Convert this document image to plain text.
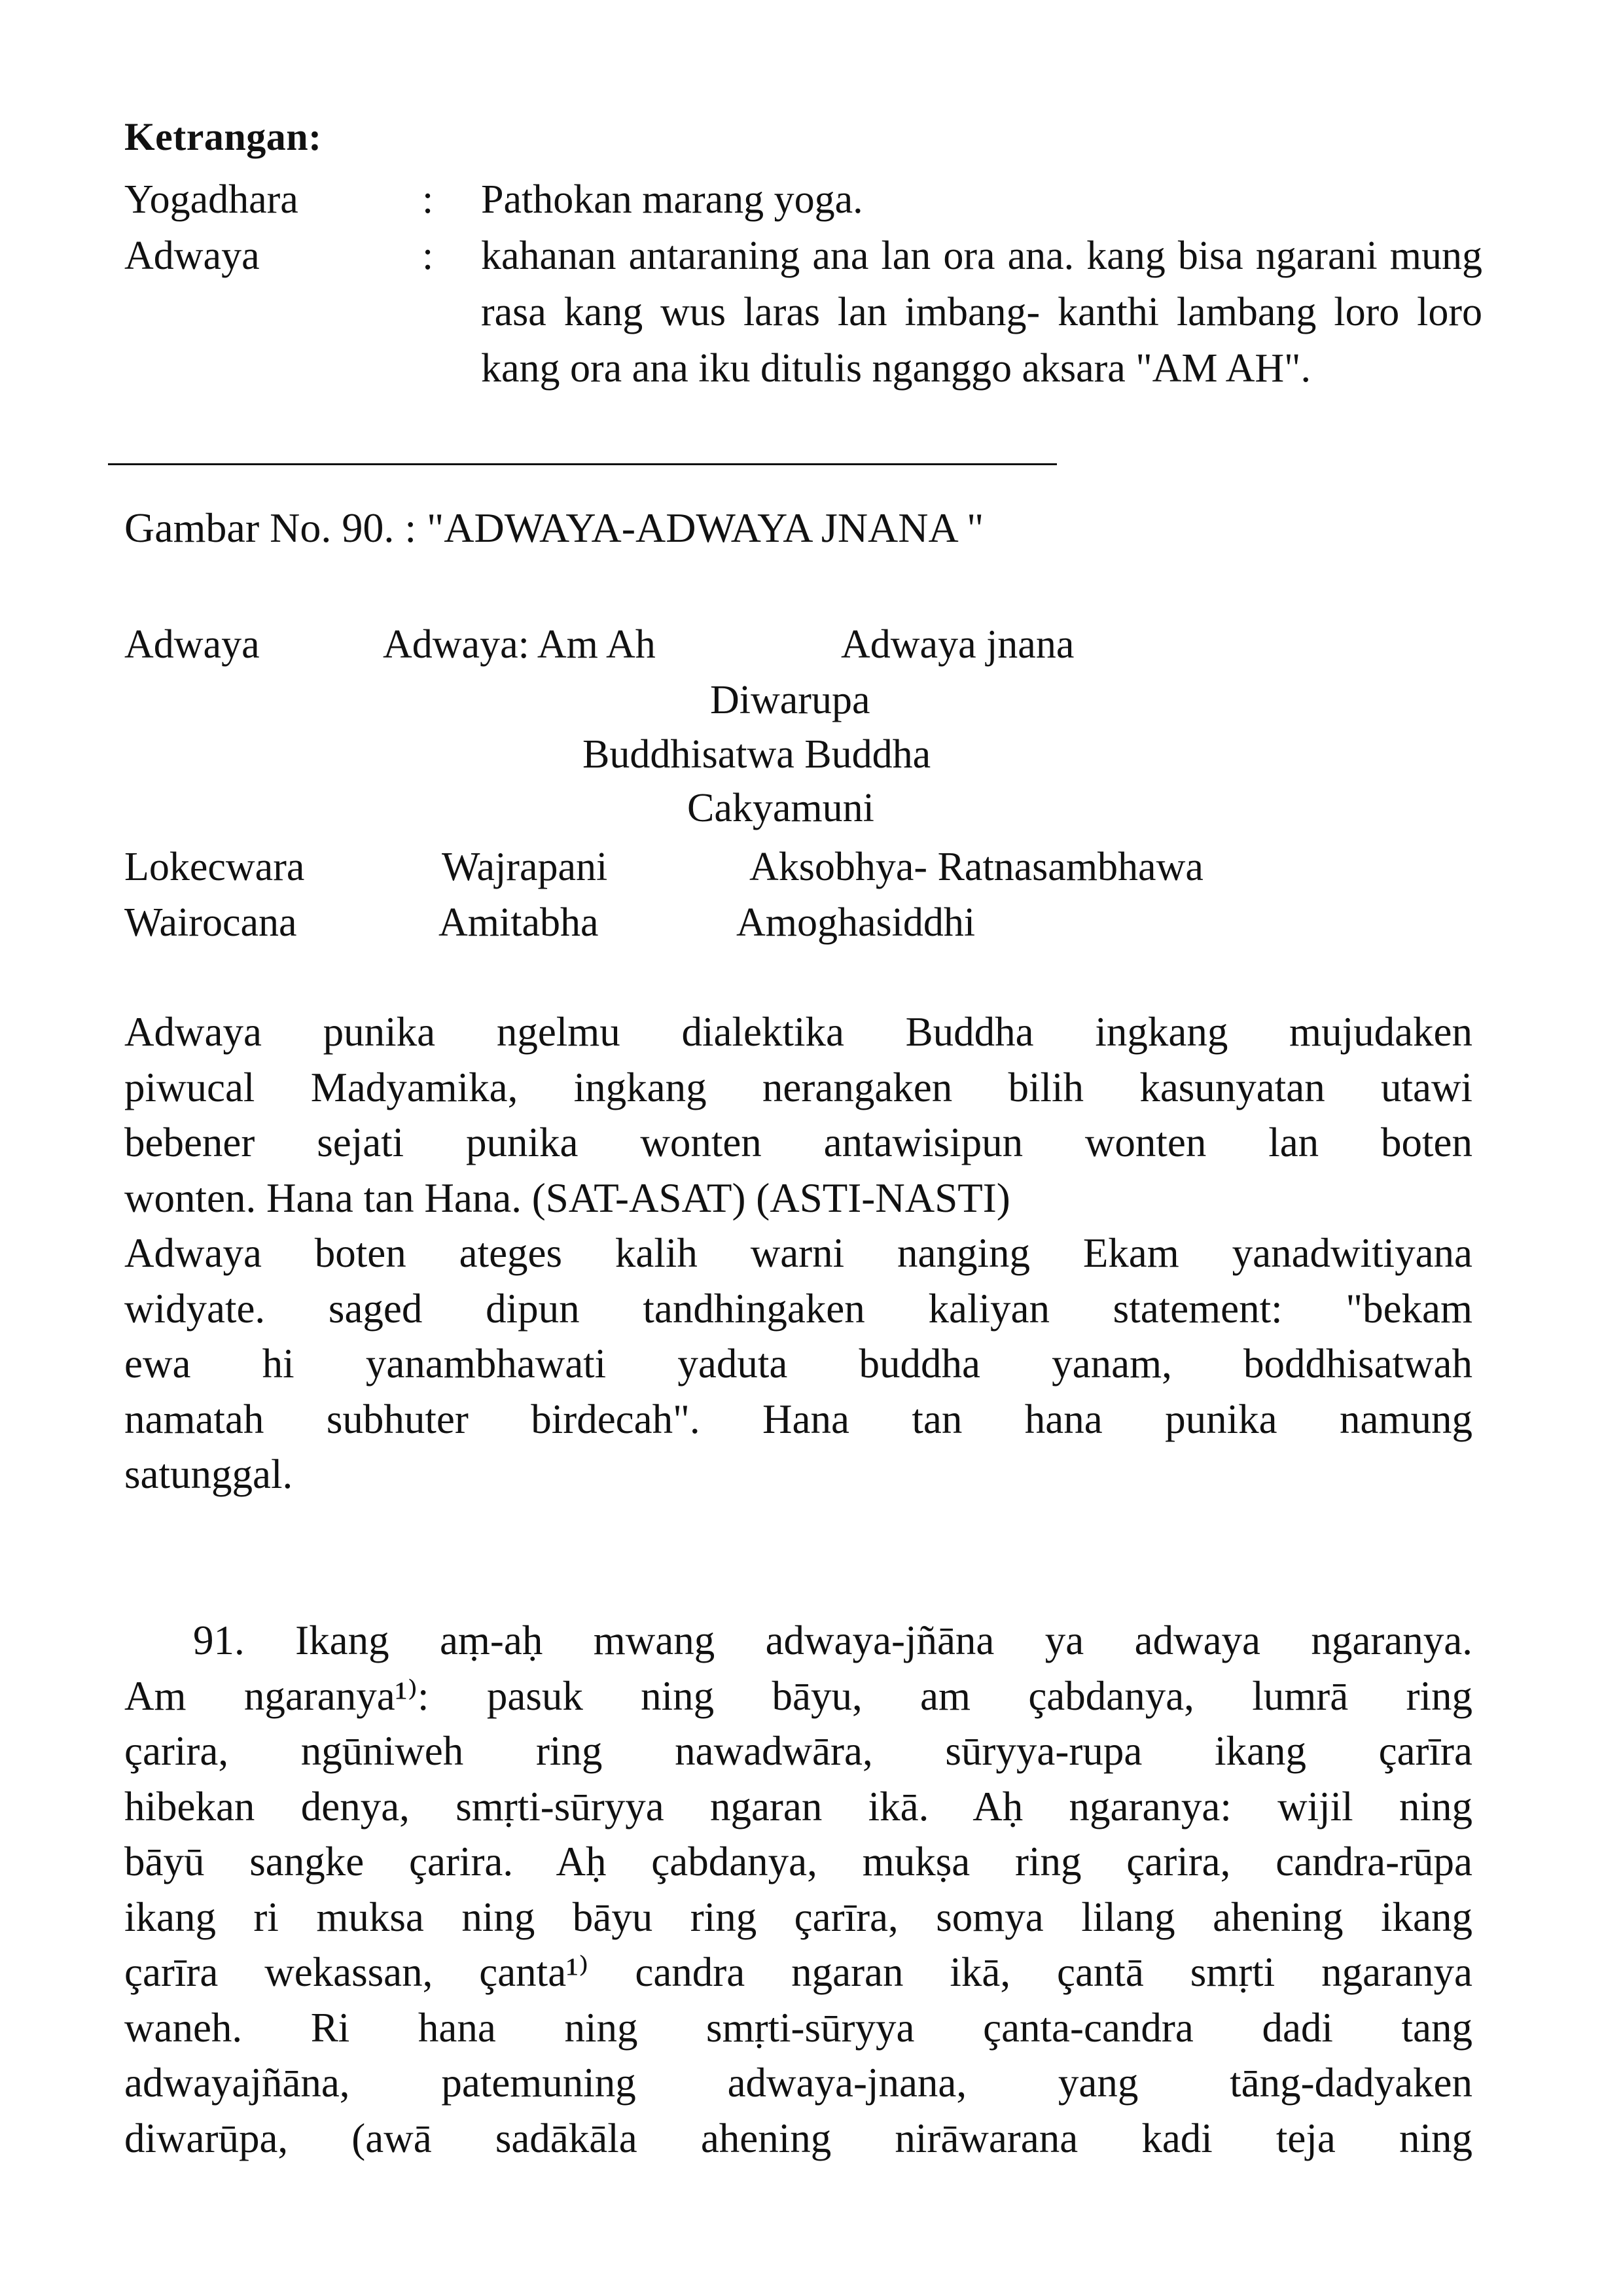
Ketrangan:
Yogadhara	: Pathokan marang yoga.
Adwaya	: kahanan antaraning ana lan ora ana. kang bisa ngarani mung rasa kang wus laras lan imbang- kanthi lambang loro loro kang ora ana iku ditulis nganggo aksara "AM AH".
Gambar No. 90. : "ADWAYA-ADWAYA JNANA "
Adwaya	Adwaya: Am Ah	Adwaya jnana
Diwarupa
Buddhisatwa Buddha
Cakyamuni
Lokecwara	Wajrapani	Aksobhya- Ratnasambhawa
Wairocana	Amitabha	Amoghasiddhi
Adwaya punika ngelmu dialektika Buddha ingkang mujudaken
piwucal Madyamika, ingkang nerangaken bilih kasunyatan utawi
bebener sejati punika wonten antawisipun wonten lan boten
wonten. Hana tan Hana. (SAT-ASAT) (ASTI-NASTI)
Adwaya boten ateges kalih warni nanging Ekam yanadwitiyana
widyate. saged dipun tandhingaken kaliyan statement: "bekam
ewa hi yanambhawati yaduta buddha yanam, boddhisatwah
namatah subhuter birdecah". Hana tan hana punika namung
satunggal.
91. Ikang aṃ-aḥ mwang adwaya-jñāna ya adwaya ngaranya.
Am ngaranya¹⁾: pasuk ning bāyu, am çabdanya, lumrā ring
çarira, ngūniweh ring nawadwāra, sūryya-rupa ikang çarīra
hibekan denya, smṛti-sūryya ngaran ikā. Aḥ ngaranya: wijil ning
bāyū sangke çarira. Aḥ çabdanya, mukṣa ring çarira, candra-rūpa
ikang ri muksa ning bāyu ring çarīra, somya lilang ahening ikang
çarīra wekassan, çanta¹⁾ candra ngaran ikā, çantā smṛti ngaranya
waneh. Ri hana ning smṛti-sūryya çanta-candra dadi tang
adwayajñāna, patemuning adwaya-jnana, yang tāng-dadyaken
diwarūpa, (awā sadākāla ahening nirāwarana kadi teja ning
